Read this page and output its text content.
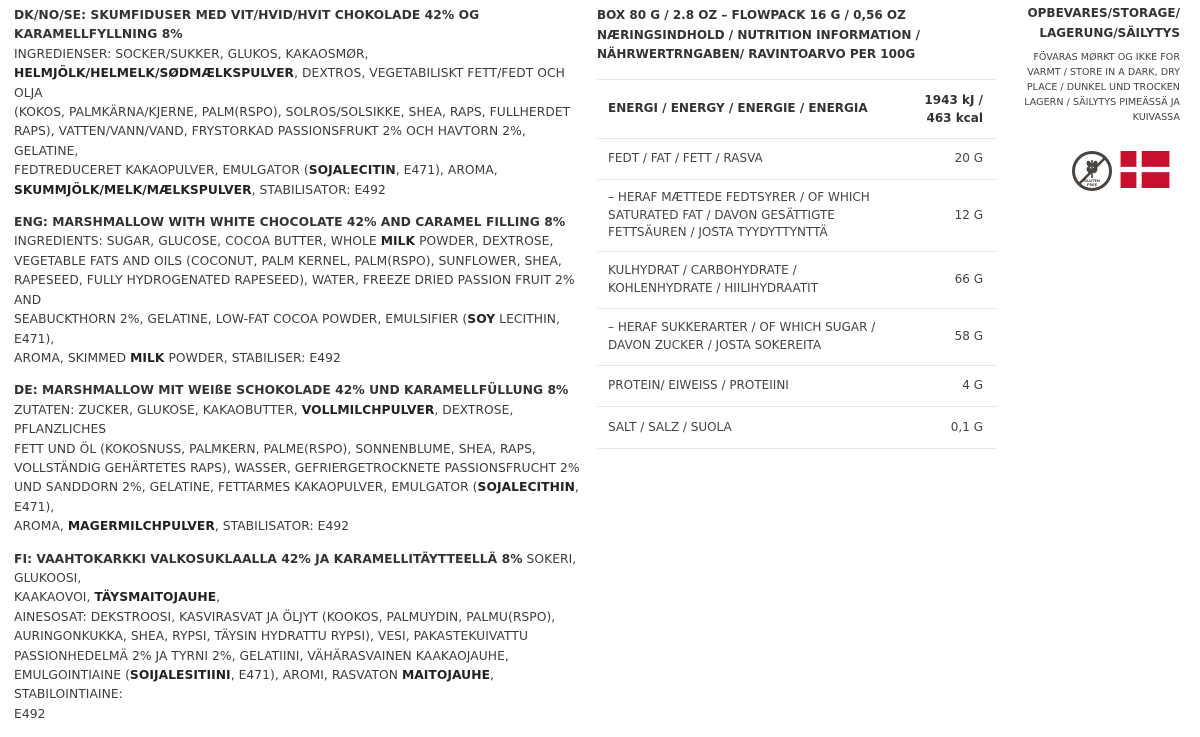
DK/NO/SE: SKUMFIDUSER MED VIT/HVID/HVIT CHOKOLADE 42% OG KARAMELLFYLLNING 8%

INGREDIENSER: SOCKER/SUKKER, GLUKOS, KAKAOSMØR,

HELMJÖLK/HELMELK/SØDMÆLKSPULVER, DEXTROS, VEGETABILISKT FETT/FEDT OCH OLJA

(KOKOS, PALMKÄRNA/KJERNE, PALM(RSPO), SOLROS/SOLSIKKE, SHEA, RAPS, FULLHERDET

RAPS), VATTEN/VANN/VAND, FRYSTORKAD PASSIONSFRUKT 2% OCH HAVTORN 2%, GELATINE,

FEDTREDUCERET KAKAOPULVER, EMULGATOR (SOJALECITIN, E471), AROMA,

SKUMMJÖLK/MELK/MÆLKSPULVER, STABILISATOR: E492

ENG: MARSHMALLOW WITH WHITE CHOCOLATE 42% AND CARAMEL FILLING 8%

INGREDIENTS: SUGAR, GLUCOSE, COCOA BUTTER, WHOLE MILK POWDER, DEXTROSE,

VEGETABLE FATS AND OILS (COCONUT, PALM KERNEL, PALM(RSPO), SUNFLOWER, SHEA,

RAPESEED, FULLY HYDROGENATED RAPESEED), WATER, FREEZE DRIED PASSION FRUIT 2% AND

SEABUCKTHORN 2%, GELATINE, LOW-FAT COCOA POWDER, EMULSIFIER (SOY LECITHIN, E471),

AROMA, SKIMMED MILK POWDER, STABILISER: E492

DE: MARSHMALLOW MIT WEIßE SCHOKOLADE 42% UND KARAMELLFÜLLUNG 8%

ZUTATEN: ZUCKER, GLUKOSE, KAKAOBUTTER, VOLLMILCHPULVER, DEXTROSE, PFLANZLICHES

FETT UND ÖL (KOKOSNUSS, PALMKERN, PALME(RSPO), SONNENBLUME, SHEA, RAPS,

VOLLSTÄNDIG GEHÄRTETES RAPS), WASSER, GEFRIERGETROCKNETE PASSIONSFRUCHT 2%

UND SANDDORN 2%, GELATINE, FETTARMES KAKAOPULVER, EMULGATOR (SOJALECITHIN, E471),

AROMA, MAGERMILCHPULVER, STABILISATOR: E492

FI: VAAHTOKARKKI VALKOSUKLAALLA 42% JA KARAMELLITÄYTTEELLÄ 8% SOKERI, GLUKOOSI,

KAAKAOVOI, TÄYSMAITOJAUHE,

AINESOSAT: DEKSTROOSI, KASVIRASVAT JA ÖLJYT (KOOKOS, PALMUYDIN, PALMU(RSPO),

AURINGONKUKKA, SHEA, RYPSI, TÄYSIN HYDRATTU RYPSI), VESI, PAKASTEKUIVATTU

PASSIONHEDELMÄ 2% JA TYRNI 2%, GELATIINI, VÄHÄRASVAINEN KAAKAOJAUHE,

EMULGOINTIAINE (SOIJALESITIINI, E471), AROMI, RASVATON MAITOJAUHE, STABILOINTIAINE:

E492

BOX 80 G / 2.8 OZ – FLOWPACK 16 G / 0,56 OZ
NÆRINGSINDHOLD / NUTRITION INFORMATION /
NÄHRWERTRNGABEN/ RAVINTOARVO PER 100G
ENERGI / ENERGY / ENERGIE / ENERGIA	1943 kJ /
463 kcal
FEDT / FAT / FETT / RASVA	20 G
– HERAF MÆTTEDE FEDTSYRER / OF WHICH SATURATED FAT / DAVON GESÄTTIGTE FETTSÄUREN / JOSTA TYYDYTTYNTTÄ	12 G
KULHYDRAT / CARBOHYDRATE / KOHLENHYDRATE / HIILIHYDRAATIT	66 G
– HERAF SUKKERARTER / OF WHICH SUGAR / DAVON ZUCKER / JOSTA SOKEREITA	58 G
PROTEIN/ EIWEISS / PROTEIINI	4 G
SALT / SALZ / SUOLA	0,1 G
OPBEVARES/STORAGE/
LAGERUNG/SÄILYTYS
FÖVARAS MØRKT OG IKKE FOR VARMT / STORE IN A DARK, DRY PLACE / DUNKEL UND TROCKEN LAGERN / SÄILYTYS PIMEÄSSÄ JA KUIVASSA
GLUTEN
FREE
